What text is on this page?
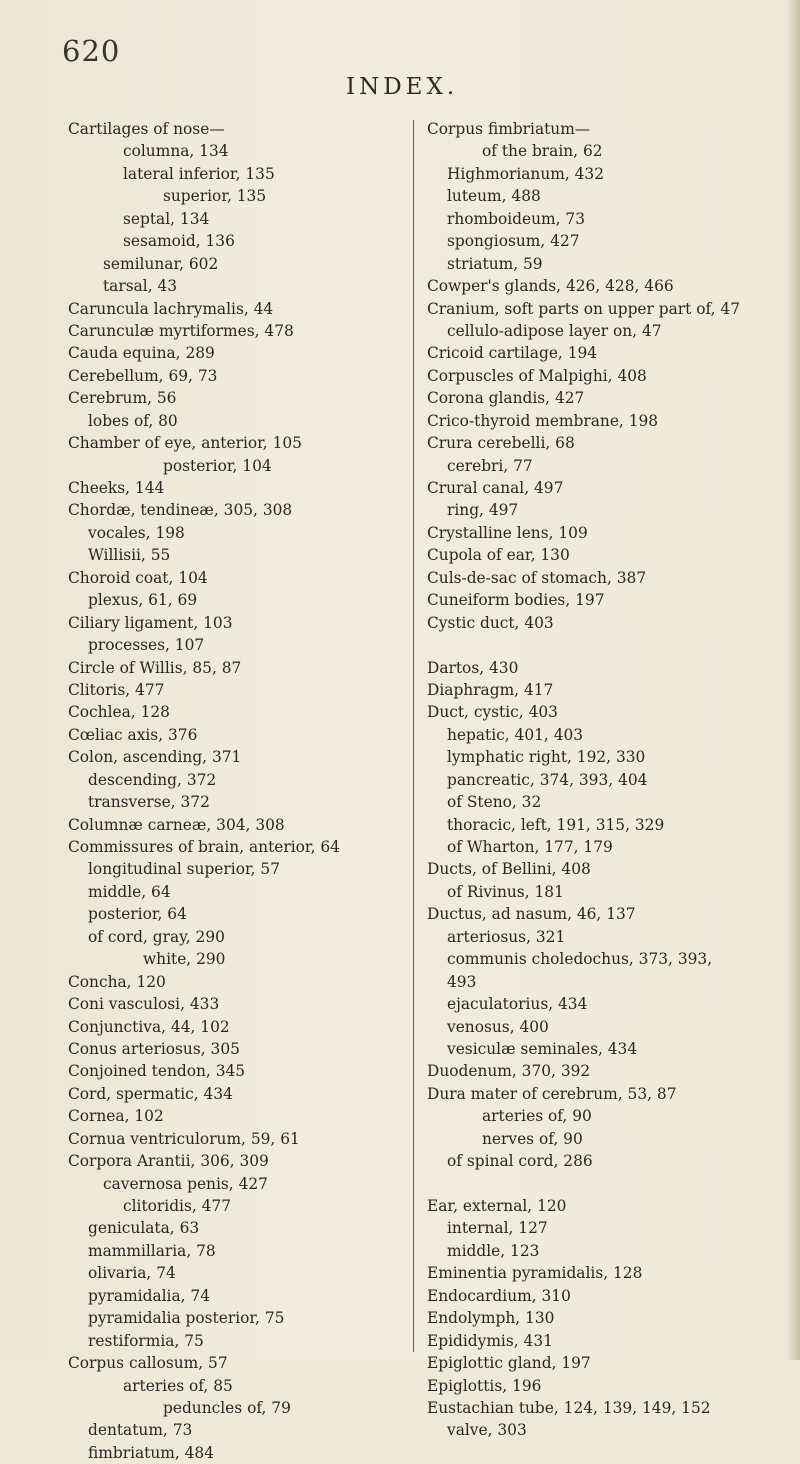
620
INDEX.
Cartilages of nose—
columna, 134
lateral inferior, 135
superior, 135
septal, 134
sesamoid, 136
semilunar, 602
tarsal, 43
Caruncula lachrymalis, 44
Carunculæ myrtiformes, 478
Cauda equina, 289
Cerebellum, 69, 73
Cerebrum, 56
lobes of, 80
Chamber of eye, anterior, 105
posterior, 104
Cheeks, 144
Chordæ, tendineæ, 305, 308
vocales, 198
Willisii, 55
Choroid coat, 104
plexus, 61, 69
Ciliary ligament, 103
processes, 107
Circle of Willis, 85, 87
Clitoris, 477
Cochlea, 128
Cœliac axis, 376
Colon, ascending, 371
descending, 372
transverse, 372
Columnæ carneæ, 304, 308
Commissures of brain, anterior, 64
longitudinal superior, 57
middle, 64
posterior, 64
of cord, gray, 290
white, 290
Concha, 120
Coni vasculosi, 433
Conjunctiva, 44, 102
Conus arteriosus, 305
Conjoined tendon, 345
Cord, spermatic, 434
Cornea, 102
Cornua ventriculorum, 59, 61
Corpora Arantii, 306, 309
cavernosa penis, 427
clitoridis, 477
geniculata, 63
mammillaria, 78
olivaria, 74
pyramidalia, 74
pyramidalia posterior, 75
restiformia, 75
Corpus callosum, 57
arteries of, 85
peduncles of, 79
dentatum, 73
fimbriatum, 484
Corpus fimbriatum—
of the brain, 62
Highmorianum, 432
luteum, 488
rhomboideum, 73
spongiosum, 427
striatum, 59
Cowper's glands, 426, 428, 466
Cranium, soft parts on upper part of, 47
cellulo-adipose layer on, 47
Cricoid cartilage, 194
Corpuscles of Malpighi, 408
Corona glandis, 427
Crico-thyroid membrane, 198
Crura cerebelli, 68
cerebri, 77
Crural canal, 497
ring, 497
Crystalline lens, 109
Cupola of ear, 130
Culs-de-sac of stomach, 387
Cuneiform bodies, 197
Cystic duct, 403
Dartos, 430
Diaphragm, 417
Duct, cystic, 403
hepatic, 401, 403
lymphatic right, 192, 330
pancreatic, 374, 393, 404
of Steno, 32
thoracic, left, 191, 315, 329
of Wharton, 177, 179
Ducts, of Bellini, 408
of Rivinus, 181
Ductus, ad nasum, 46, 137
arteriosus, 321
communis choledochus, 373, 393,
493
ejaculatorius, 434
venosus, 400
vesiculæ seminales, 434
Duodenum, 370, 392
Dura mater of cerebrum, 53, 87
arteries of, 90
nerves of, 90
of spinal cord, 286
Ear, external, 120
internal, 127
middle, 123
Eminentia pyramidalis, 128
Endocardium, 310
Endolymph, 130
Epididymis, 431
Epiglottic gland, 197
Epiglottis, 196
Eustachian tube, 124, 139, 149, 152
valve, 303
